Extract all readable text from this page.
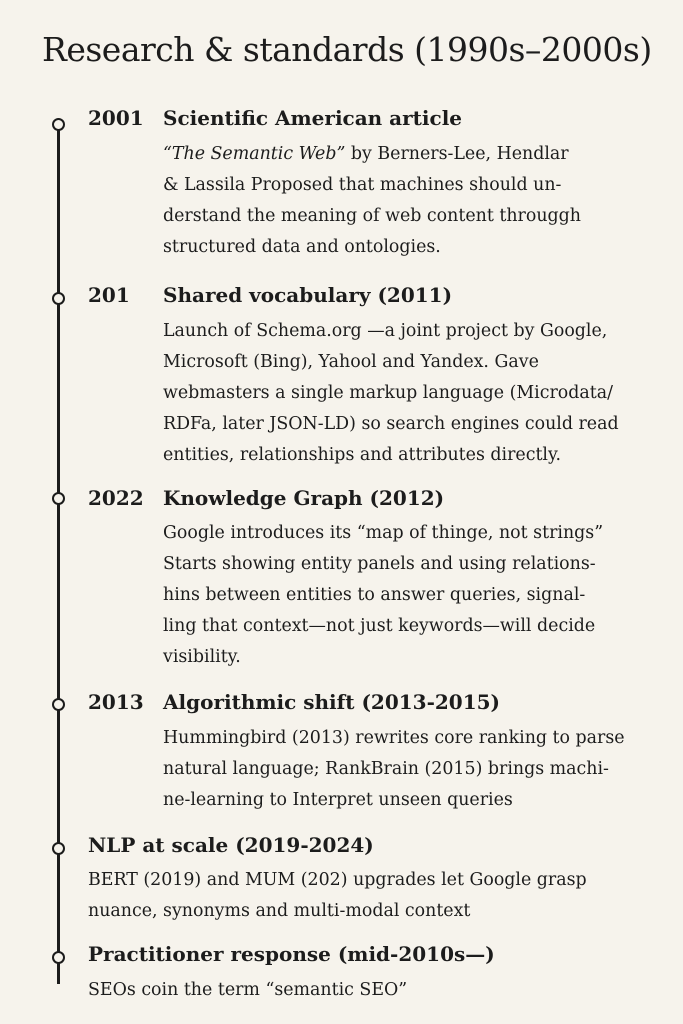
Research & standards (1990s–2000s)
2001 Scientific American article
“The Semantic Web” by Berners-Lee, Hendlar
& Lassila Proposed that machines should un-
derstand the meaning of web content througgh
structured data and ontologies.
201 Shared vocabulary (2011)
Launch of Schema.org —a joint project by Google,
Microsoft (Bing), Yahool and Yandex. Gave
webmasters a single markup language (Microdata/
RDFa, later JSON-LD) so search engines could read
entities, relationships and attributes directly.
2022 Knowledge Graph (2012)
Google introduces its “map of thinge, not strings”
Starts showing entity panels and using relations-
hins between entities to answer queries, signal-
ling that context—not just keywords—will decide
visibility.
2013 Algorithmic shift (2013-2015)
Hummingbird (2013) rewrites core ranking to parse
natural language; RankBrain (2015) brings machi-
ne-learning to Interpret unseen queries
NLP at scale (2019-2024)
BERT (2019) and MUM (202) upgrades let Google grasp
nuance, synonyms and multi-modal context
Practitioner response (mid-2010s—)
SEOs coin the term “semantic SEO”
